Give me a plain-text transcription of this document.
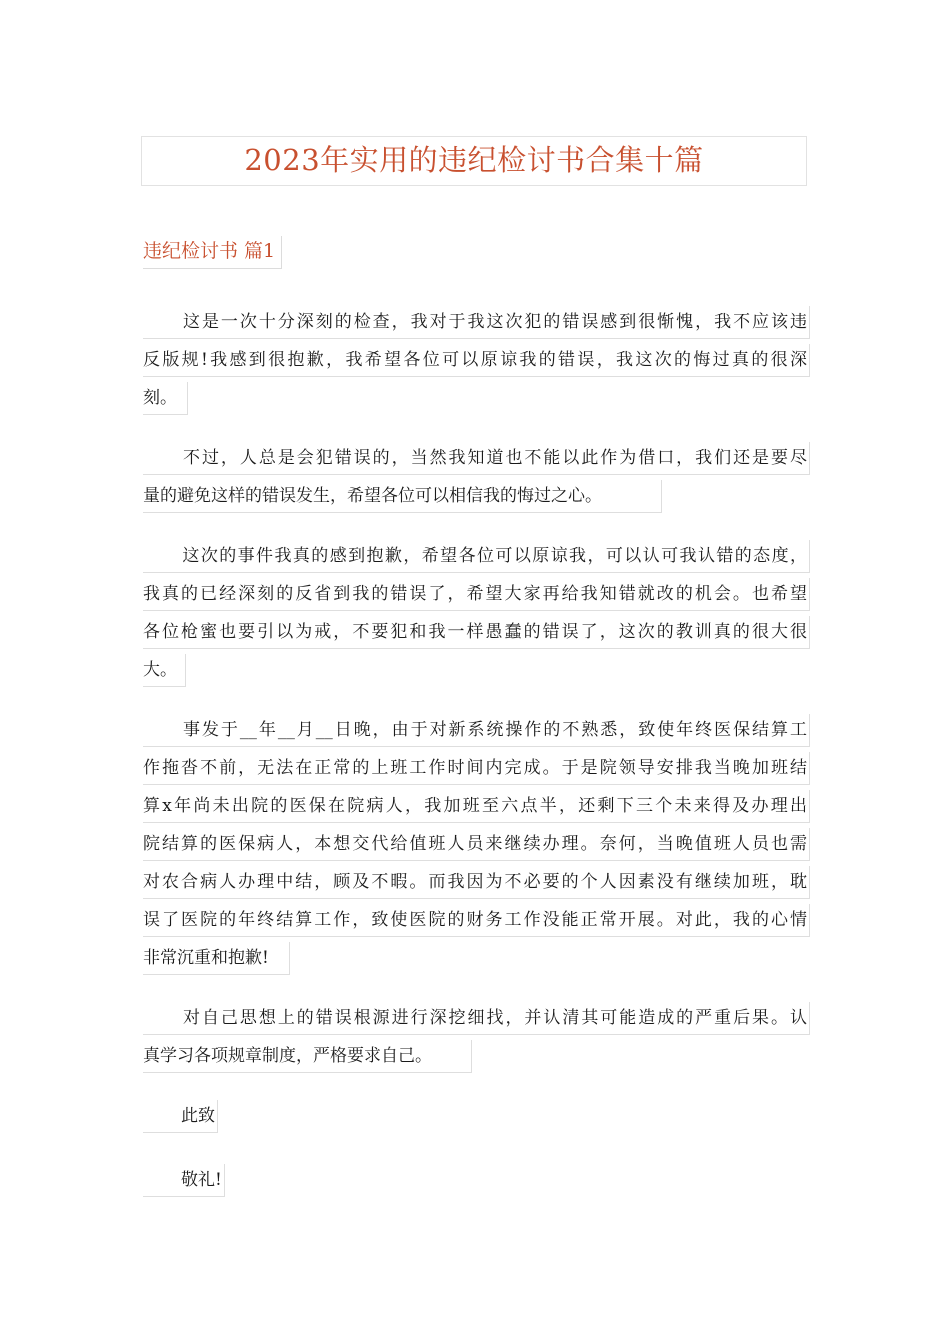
2023年实用的违纪检讨书合集十篇
违纪检讨书 篇1
这是一次十分深刻的检查，我对于我这次犯的错误感到很惭愧，我不应该违
反版规!我感到很抱歉，我希望各位可以原谅我的错误，我这次的悔过真的很深
刻。
不过，人总是会犯错误的，当然我知道也不能以此作为借口，我们还是要尽
量的避免这样的错误发生，希望各位可以相信我的悔过之心。
这次的事件我真的感到抱歉，希望各位可以原谅我，可以认可我认错的态度，
我真的已经深刻的反省到我的错误了，希望大家再给我知错就改的机会。也希望
各位枪蜜也要引以为戒，不要犯和我一样愚蠢的错误了，这次的教训真的很大很
大。
事发于__年__月__日晚，由于对新系统操作的不熟悉，致使年终医保结算工
作拖沓不前，无法在正常的上班工作时间内完成。于是院领导安排我当晚加班结
算x年尚未出院的医保在院病人，我加班至六点半，还剩下三个未来得及办理出
院结算的医保病人，本想交代给值班人员来继续办理。奈何，当晚值班人员也需
对农合病人办理中结，顾及不暇。而我因为不必要的个人因素没有继续加班，耽
误了医院的年终结算工作，致使医院的财务工作没能正常开展。对此，我的心情
非常沉重和抱歉!
对自己思想上的错误根源进行深挖细找，并认清其可能造成的严重后果。认
真学习各项规章制度，严格要求自己。
此致
敬礼!
